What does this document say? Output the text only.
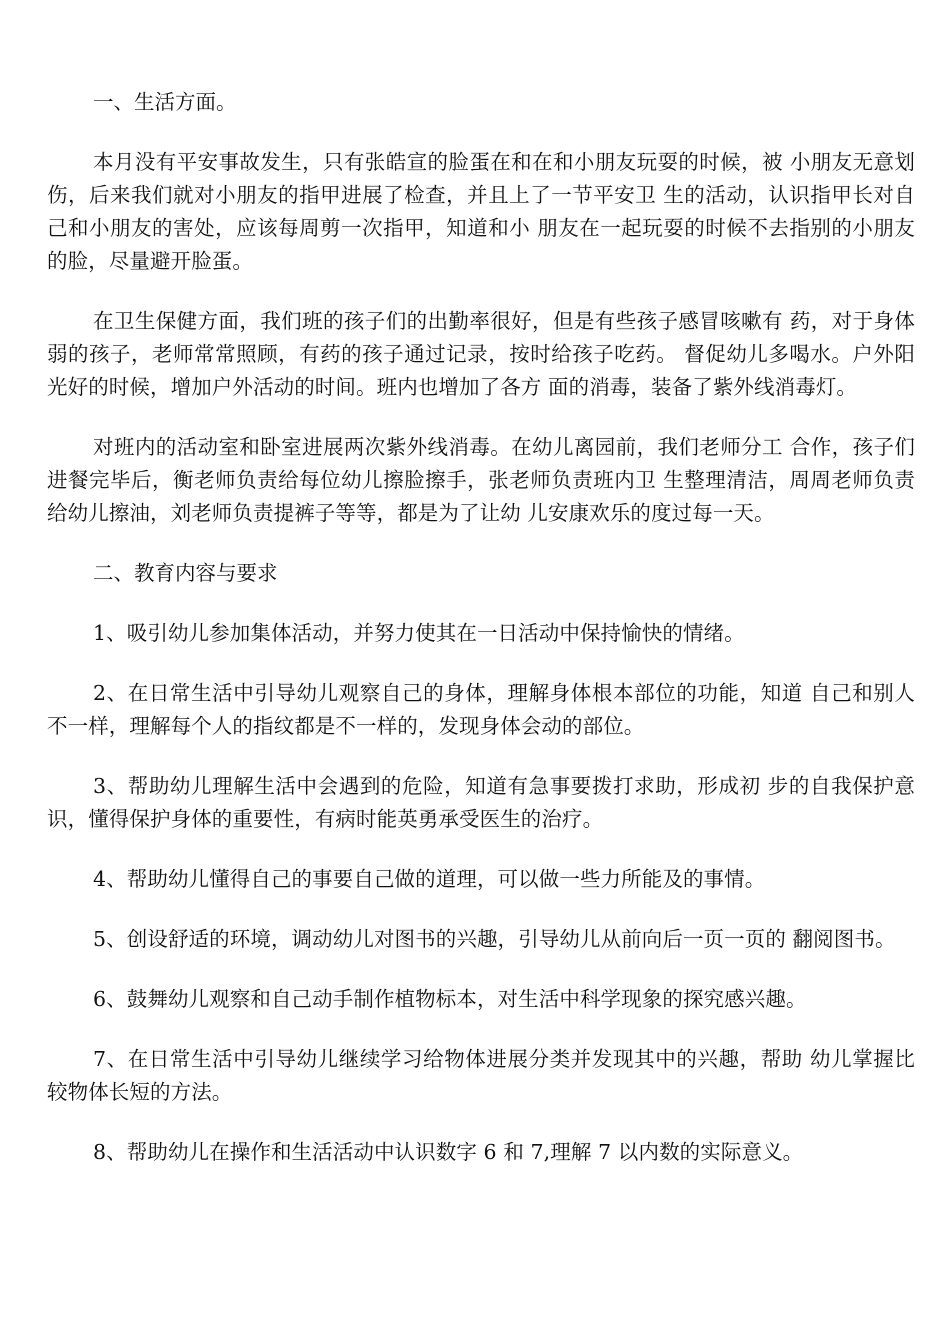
一、生活方面。

本月没有平安事故发生，只有张皓宣的脸蛋在和在和小朋友玩耍的时候，被 小朋友无意划伤，后来我们就对小朋友的指甲进展了检查，并且上了一节平安卫 生的活动，认识指甲长对自己和小朋友的害处，应该每周剪一次指甲，知道和小 朋友在一起玩耍的时候不去指别的小朋友的脸，尽量避开脸蛋。

在卫生保健方面，我们班的孩子们的出勤率很好，但是有些孩子感冒咳嗽有 药，对于身体弱的孩子，老师常常照顾，有药的孩子通过记录，按时给孩子吃药。 督促幼儿多喝水。户外阳光好的时候，增加户外活动的时间。班内也增加了各方 面的消毒，装备了紫外线消毒灯。

对班内的活动室和卧室进展两次紫外线消毒。在幼儿离园前，我们老师分工 合作，孩子们进餐完毕后，衡老师负责给每位幼儿擦脸擦手，张老师负责班内卫 生整理清洁，周周老师负责给幼儿擦油，刘老师负责提裤子等等，都是为了让幼 儿安康欢乐的度过每一天。

二、教育内容与要求

1、吸引幼儿参加集体活动，并努力使其在一日活动中保持愉快的情绪。

2、在日常生活中引导幼儿观察自己的身体，理解身体根本部位的功能，知道 自己和别人不一样，理解每个人的指纹都是不一样的，发现身体会动的部位。

3、帮助幼儿理解生活中会遇到的危险，知道有急事要拨打求助，形成初 步的自我保护意识，懂得保护身体的重要性，有病时能英勇承受医生的治疗。

4、帮助幼儿懂得自己的事要自己做的道理，可以做一些力所能及的事情。

5、创设舒适的环境，调动幼儿对图书的兴趣，引导幼儿从前向后一页一页的 翻阅图书。

6、鼓舞幼儿观察和自己动手制作植物标本，对生活中科学现象的探究感兴趣。

7、在日常生活中引导幼儿继续学习给物体进展分类并发现其中的兴趣，帮助 幼儿掌握比较物体长短的方法。

8、帮助幼儿在操作和生活活动中认识数字 6 和 7,理解 7 以内数的实际意义。
